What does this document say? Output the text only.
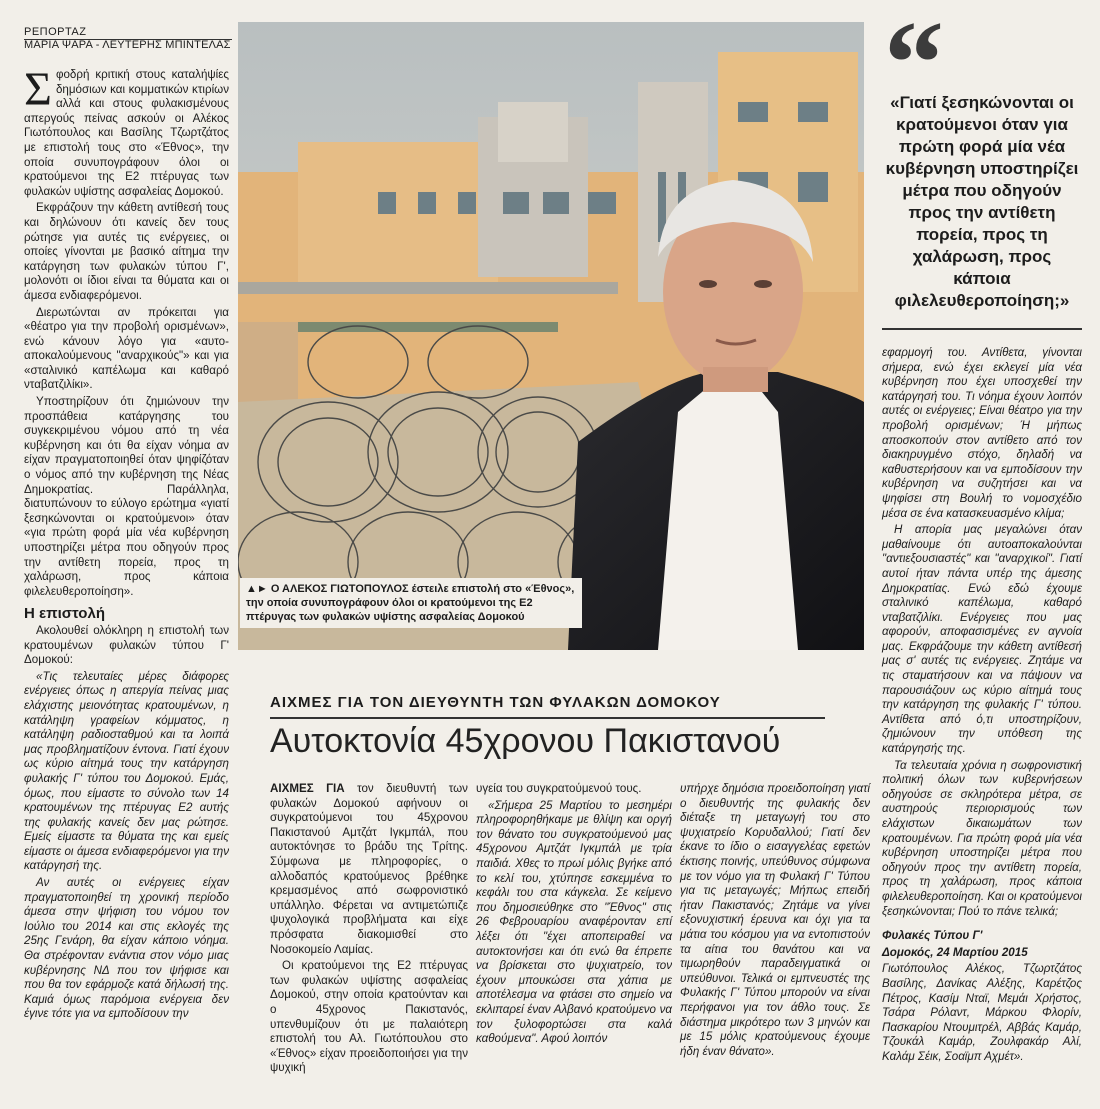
ΡΕΠΟΡΤΑΖ
ΜΑΡΙΑ ΨΑΡΑ - ΛΕΥΤΕΡΗΣ ΜΠΙΝΤΕΛΑΣ

Σφοδρή κριτική στους καταλήψίες δημόσιων και κομματικών κτιρίων αλλά και στους φυλακισμένους απεργούς πείνας ασκούν οι Αλέκος Γιωτόπουλος και Βασίλης Τζωρτζάτος με επιστολή τους στο «Έθνος», την οποία συνυπογράφουν όλοι οι κρατούμενοι της Ε2 πτέρυγας των φυλακών υψίστης ασφαλείας Δομοκού.

Εκφράζουν την κάθετη αντίθεσή τους και δηλώνουν ότι κανείς δεν τους ρώτησε για αυτές τις ενέργειες, οι οποίες γίνονται με βασικό αίτημα την κατάργηση των φυλακών τύπου Γ', μολονότι οι ίδιοι είναι τα θύματα και οι άμεσα ενδιαφερόμενοι.

Διερωτώνται αν πρόκειται για «θέατρο για την προβολή ορισμένων», ενώ κάνουν λόγο για «αυτο-αποκαλούμενους "αναρχικούς"» και για «σταλινικό καπέλωμα και καθαρό νταβατζιλίκι».

Υποστηρίζουν ότι ζημιώνουν την προσπάθεια κατάργησης του συγκεκριμένου νόμου από τη νέα κυβέρνηση και ότι θα είχαν νόημα αν είχαν πραγματοποιηθεί όταν ψηφίζόταν ο νόμος από την κυβέρνηση της Νέας Δημοκρατίας. Παράλληλα, διατυπώνουν το εύλογο ερώτημα «γιατί ξεσηκώνονται οι κρατούμενοι» όταν «για πρώτη φορά μία νέα κυβέρνηση υποστηρίζει μέτρα που οδηγούν προς την αντίθετη πορεία, προς τη χαλάρωση, προς κάποια φιλελευθεροποίηση».

Η επιστολή

Ακολουθεί ολόκληρη η επιστολή των κρατουμένων φυλακών τύπου Γ' Δομοκού:

«Τις τελευταίες μέρες διάφορες ενέργειες όπως η απεργία πείνας μιας ελάχιστης μειονότητας κρατουμένων, η κατάληψη γραφείων κόμματος, η κατάληψη ραδιοσταθμού και τα λοιπά μας προβληματίζουν έντονα. Γιατί έχουν ως κύριο αίτημά τους την κατάργηση φυλακής Γ' τύπου του Δομοκού. Εμάς, όμως, που είμαστε το σύνολο των 14 κρατουμένων της πτέρυγας Ε2 αυτής της φυλακής κανείς δεν μας ρώτησε. Εμείς είμαστε τα θύματα της και εμείς είμαστε οι άμεσα ενδιαφερόμενοι για την κατάργησή της.

Αν αυτές οι ενέργειες είχαν πραγματοποιηθεί τη χρονική περίοδο άμεσα στην ψήφιση του νόμου τον Ιούλιο του 2014 και στις εκλογές της 25ης Γενάρη, θα είχαν κάποιο νόημα. Θα στρέφονταν ενάντια στον νόμο μιας κυβέρνησης ΝΔ που τον ψήφισε και που θα τον εφάρμοζε κατά δήλωσή της. Καμιά όμως παρόμοια ενέργεια δεν έγινε τότε για να εμποδίσουν την

▲► Ο ΑΛΕΚΟΣ ΓΙΩΤΟΠΟΥΛΟΣ έστειλε επιστολή στο «Έθνος», την οποία συνυπογράφουν όλοι οι κρατούμενοι της Ε2 πτέρυγας των φυλακών υψίστης ασφαλείας Δομοκού
ΑΙΧΜΕΣ ΓΙΑ ΤΟΝ ΔΙΕΥΘΥΝΤΗ ΤΩΝ ΦΥΛΑΚΩΝ ΔΟΜΟΚΟΥ
Αυτοκτονία 45χρονου Πακιστανού

ΑΙΧΜΕΣ ΓΙΑ τον διευθυντή των φυλακών Δομοκού αφήνουν οι συγκρατούμενοι του 45χρονου Πακιστανού Αμτζάτ Ιγκμπάλ, που αυτοκτόνησε το βράδυ της Τρίτης. Σύμφωνα με πληροφορίες, ο αλλοδαπός κρατούμενος βρέθηκε κρεμασμένος από σωφρονιστικό υπάλληλο. Φέρεται να αντιμετώπιζε ψυχολογικά προβλήματα και είχε πρόσφατα διακομισθεί στο Νοσοκομείο Λαμίας.

Οι κρατούμενοι της Ε2 πτέρυγας των φυλακών υψίστης ασφαλείας Δομοκού, στην οποία κρατούνταν και ο 45χρονος Πακιστανός, υπενθυμίζουν ότι με παλαιότερη επιστολή του Αλ. Γιωτόπουλου στο «Έθνος» είχαν προειδοποιήσει για την ψυχική

υγεία του συγκρατούμενού τους.

«Σήμερα 25 Μαρτίου το μεσημέρι πληροφορηθήκαμε με θλίψη και οργή τον θάνατο του συγκρατούμενού μας 45χρονου Αμτζάτ Ιγκμπάλ με τρία παιδιά. Χθες το πρωί μόλις βγήκε από το κελί του, χτύπησε εσκεμμένα το κεφάλι του στα κάγκελα. Σε κείμενο που δημοσιεύθηκε στο "Έθνος" στις 26 Φεβρουαρίου αναφέρονταν επί λέξει ότι "έχει αποπειραθεί να αυτοκτονήσει και ότι ενώ θα έπρεπε να βρίσκεται στο ψυχιατρείο, τον έχουν μπουκώσει στα χάπια με αποτέλεσμα να φτάσει στο σημείο να εκλιπαρεί έναν Αλβανό κρατούμενο να τον ξυλοφορτώσει στα καλά καθούμενα". Αφού λοιπόν

υπήρχε δημόσια προειδοποίηση γιατί ο διευθυντής της φυλακής δεν διέταξε τη μεταγωγή του στο ψυχιατρείο Κορυδαλλού; Γιατί δεν έκανε το ίδιο ο εισαγγελέας εφετών έκτισης ποινής, υπεύθυνος σύμφωνα με τον νόμο για τη Φυλακή Γ' Τύπου για τις μεταγωγές; Μήπως επειδή ήταν Πακιστανός; Ζητάμε να γίνει εξονυχιστική έρευνα και όχι για τα μάτια του κόσμου για να εντοπιστούν τα αίτια του θανάτου και να τιμωρηθούν παραδειγματικά οι υπεύθυνοι. Τελικά οι εμπνευστές της Φυλακής Γ' Τύπου μπορούν να είναι περήφανοι για τον άθλο τους. Σε διάστημα μικρότερο των 3 μηνών και με 15 μόλις κρατούμενους έχουμε ήδη έναν θάνατο».

“
«Γιατί ξεσηκώνονται οι κρατούμενοι όταν για πρώτη φορά μία νέα κυβέρνηση υποστηρίζει μέτρα που οδηγούν προς την αντίθετη πορεία, προς τη χαλάρωση, προς κάποια φιλελευθεροποίηση;»

εφαρμογή του. Αντίθετα, γίνονται σήμερα, ενώ έχει εκλεγεί μία νέα κυβέρνηση που έχει υποσχεθεί την κατάργησή του. Τι νόημα έχουν λοιπόν αυτές οι ενέργειες; Είναι θέατρο για την προβολή ορισμένων; Ή μήπως αποσκοπούν στον αντίθετο από τον διακηρυγμένο στόχο, δηλαδή να καθυστερήσουν και να εμποδίσουν την κυβέρνηση να συζητήσει και να ψηφίσει στη Βουλή το νομοσχέδιο μέσα σε ένα κατασκευασμένο κλίμα;

Η απορία μας μεγαλώνει όταν μαθαίνουμε ότι αυτοαποκαλούνται "αντιεξουσιαστές" και "αναρχικοί". Γιατί αυτοί ήταν πάντα υπέρ της άμεσης Δημοκρατίας. Ενώ εδώ έχουμε σταλινικό καπέλωμα, καθαρό νταβατζιλίκι. Ενέργειες που μας αφορούν, αποφασισμένες εν αγνοία μας. Εκφράζουμε την κάθετη αντίθεσή μας σ' αυτές τις ενέργειες. Ζητάμε να τις σταματήσουν και να πάψουν να παρουσιάζουν ως κύριο αίτημά τους την κατάργηση της φυλακής Γ' τύπου. Αντίθετα από ό,τι υποστηρίζουν, ζημιώνουν την υπόθεση της κατάργησής της.

Τα τελευταία χρόνια η σωφρονιστική πολιτική όλων των κυβερνήσεων οδηγούσε σε σκληρότερα μέτρα, σε αυστηρούς περιορισμούς των ελάχιστων δικαιωμάτων των κρατουμένων. Για πρώτη φορά μία νέα κυβέρνηση υποστηρίζει μέτρα που οδηγούν προς την αντίθετη πορεία, προς τη χαλάρωση, προς κάποια φιλελευθεροποίηση. Και οι κρατούμενοι ξεσηκώνονται; Πού το πάνε τελικά;

Φυλακές Τύπου Γ'

Δομοκός, 24 Μαρτίου 2015

Γιωτόπουλος Αλέκος, Τζωρτζάτος Βασίλης, Δανίκας Αλέξης, Καρέτζος Πέτρος, Κασίμ Νταϊ, Μεμάι Χρήστος, Τσάρα Ρόλαντ, Μάρκου Φλορίν, Πασκαρίου Ντουμιτρέλ, Αββάς Καμάρ, Τζουκάλ Καμάρ, Ζουλφακάρ Αλί, Καλάμ Σέικ, Σοαϊμπ Αχμέτ».
